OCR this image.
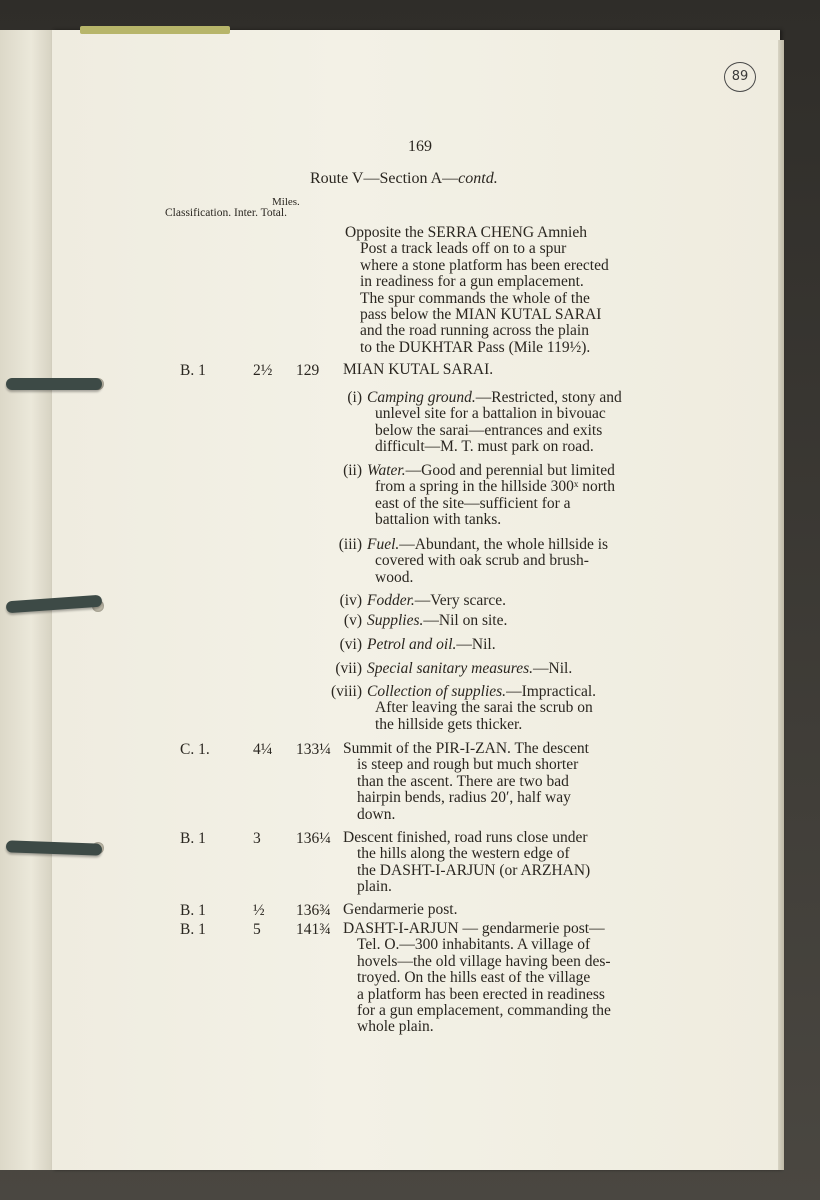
89
169
Route V—Section A—contd.
Miles.
Classification. Inter. Total.
Opposite the SERRA CHENG Amnieh
Post a track leads off on to a spur
where a stone platform has been erected
in readiness for a gun emplacement.
The spur commands the whole of the
pass below the MIAN KUTAL SARAI
and the road running across the plain
to the DUKHTAR Pass (Mile 119½).
B. 1	2½ 129 MIAN KUTAL SARAI.
(i) Camping ground.—Restricted, stony and
unlevel site for a battalion in bivouac
below the sarai—entrances and exits
difficult—M. T. must park on road.
(ii) Water.—Good and perennial but limited
from a spring in the hillside 300ˣ north
east of the site—sufficient for a
battalion with tanks.
(iii) Fuel.—Abundant, the whole hillside is
covered with oak scrub and brush-
wood.
(iv) Fodder.—Very scarce.
(v) Supplies.—Nil on site.
(vi) Petrol and oil.—Nil.
(vii) Special sanitary measures.—Nil.
(viii) Collection of supplies.—Impractical.
After leaving the sarai the scrub on
the hillside gets thicker.
C. 1.	4¼ 133¼ Summit of the PIR-I-ZAN. The descent
is steep and rough but much shorter
than the ascent. There are two bad
hairpin bends, radius 20′, half way
down.
B. 1	3 136¼ Descent finished, road runs close under
the hills along the western edge of
the DASHT-I-ARJUN (or ARZHAN)
plain.
B. 1	½ 136¾ Gendarmerie post.
B. 1	5 141¾ DASHT-I-ARJUN — gendarmerie post—
Tel. O.—300 inhabitants. A village of
hovels—the old village having been des-
troyed. On the hills east of the village
a platform has been erected in readiness
for a gun emplacement, commanding the
whole plain.
